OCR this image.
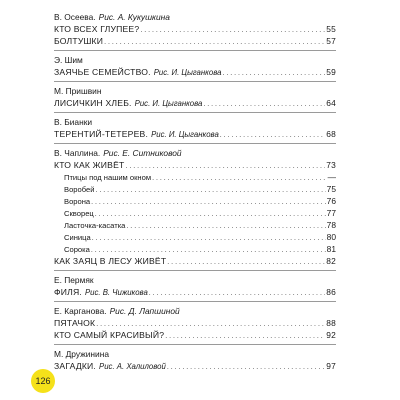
В. Осеева. Рис. А. Кукушкина
КТО ВСЕХ ГЛУПЕЕ? . . .	55
БОЛТУШКИ . . .	57
Э. Шим
ЗАЯЧЬЕ СЕМЕЙСТВО. Рис. И. Цыганкова . . .	59
М. Пришвин
ЛИСИЧКИН ХЛЕБ. Рис. И. Цыганкова . . .	64
В. Бианки
ТЕРЕНТИЙ-ТЕТЕРЕВ. Рис. И. Цыганкова . . .	68
В. Чаплина. Рис. Е. Ситниковой
КТО КАК ЖИВЁТ . . .	73
Птицы под нашим окном . . .	—
Воробей . . .	75
Ворона . . .	76
Скворец . . .	77
Ласточка-касатка . . .	78
Синица . . .	80
Сорока . . .	81
КАК ЗАЯЦ В ЛЕСУ ЖИВЁТ . . .	82
Е. Пермяк
ФИЛЯ. Рис. В. Чижикова . . .	86
Е. Карганова. Рис. Д. Лапшиной
ПЯТАЧОК . . .	88
КТО САМЫЙ КРАСИВЫЙ? . . .	92
М. Дружинина
ЗАГАДКИ. Рис. А. Халиловой . . .	97
126
